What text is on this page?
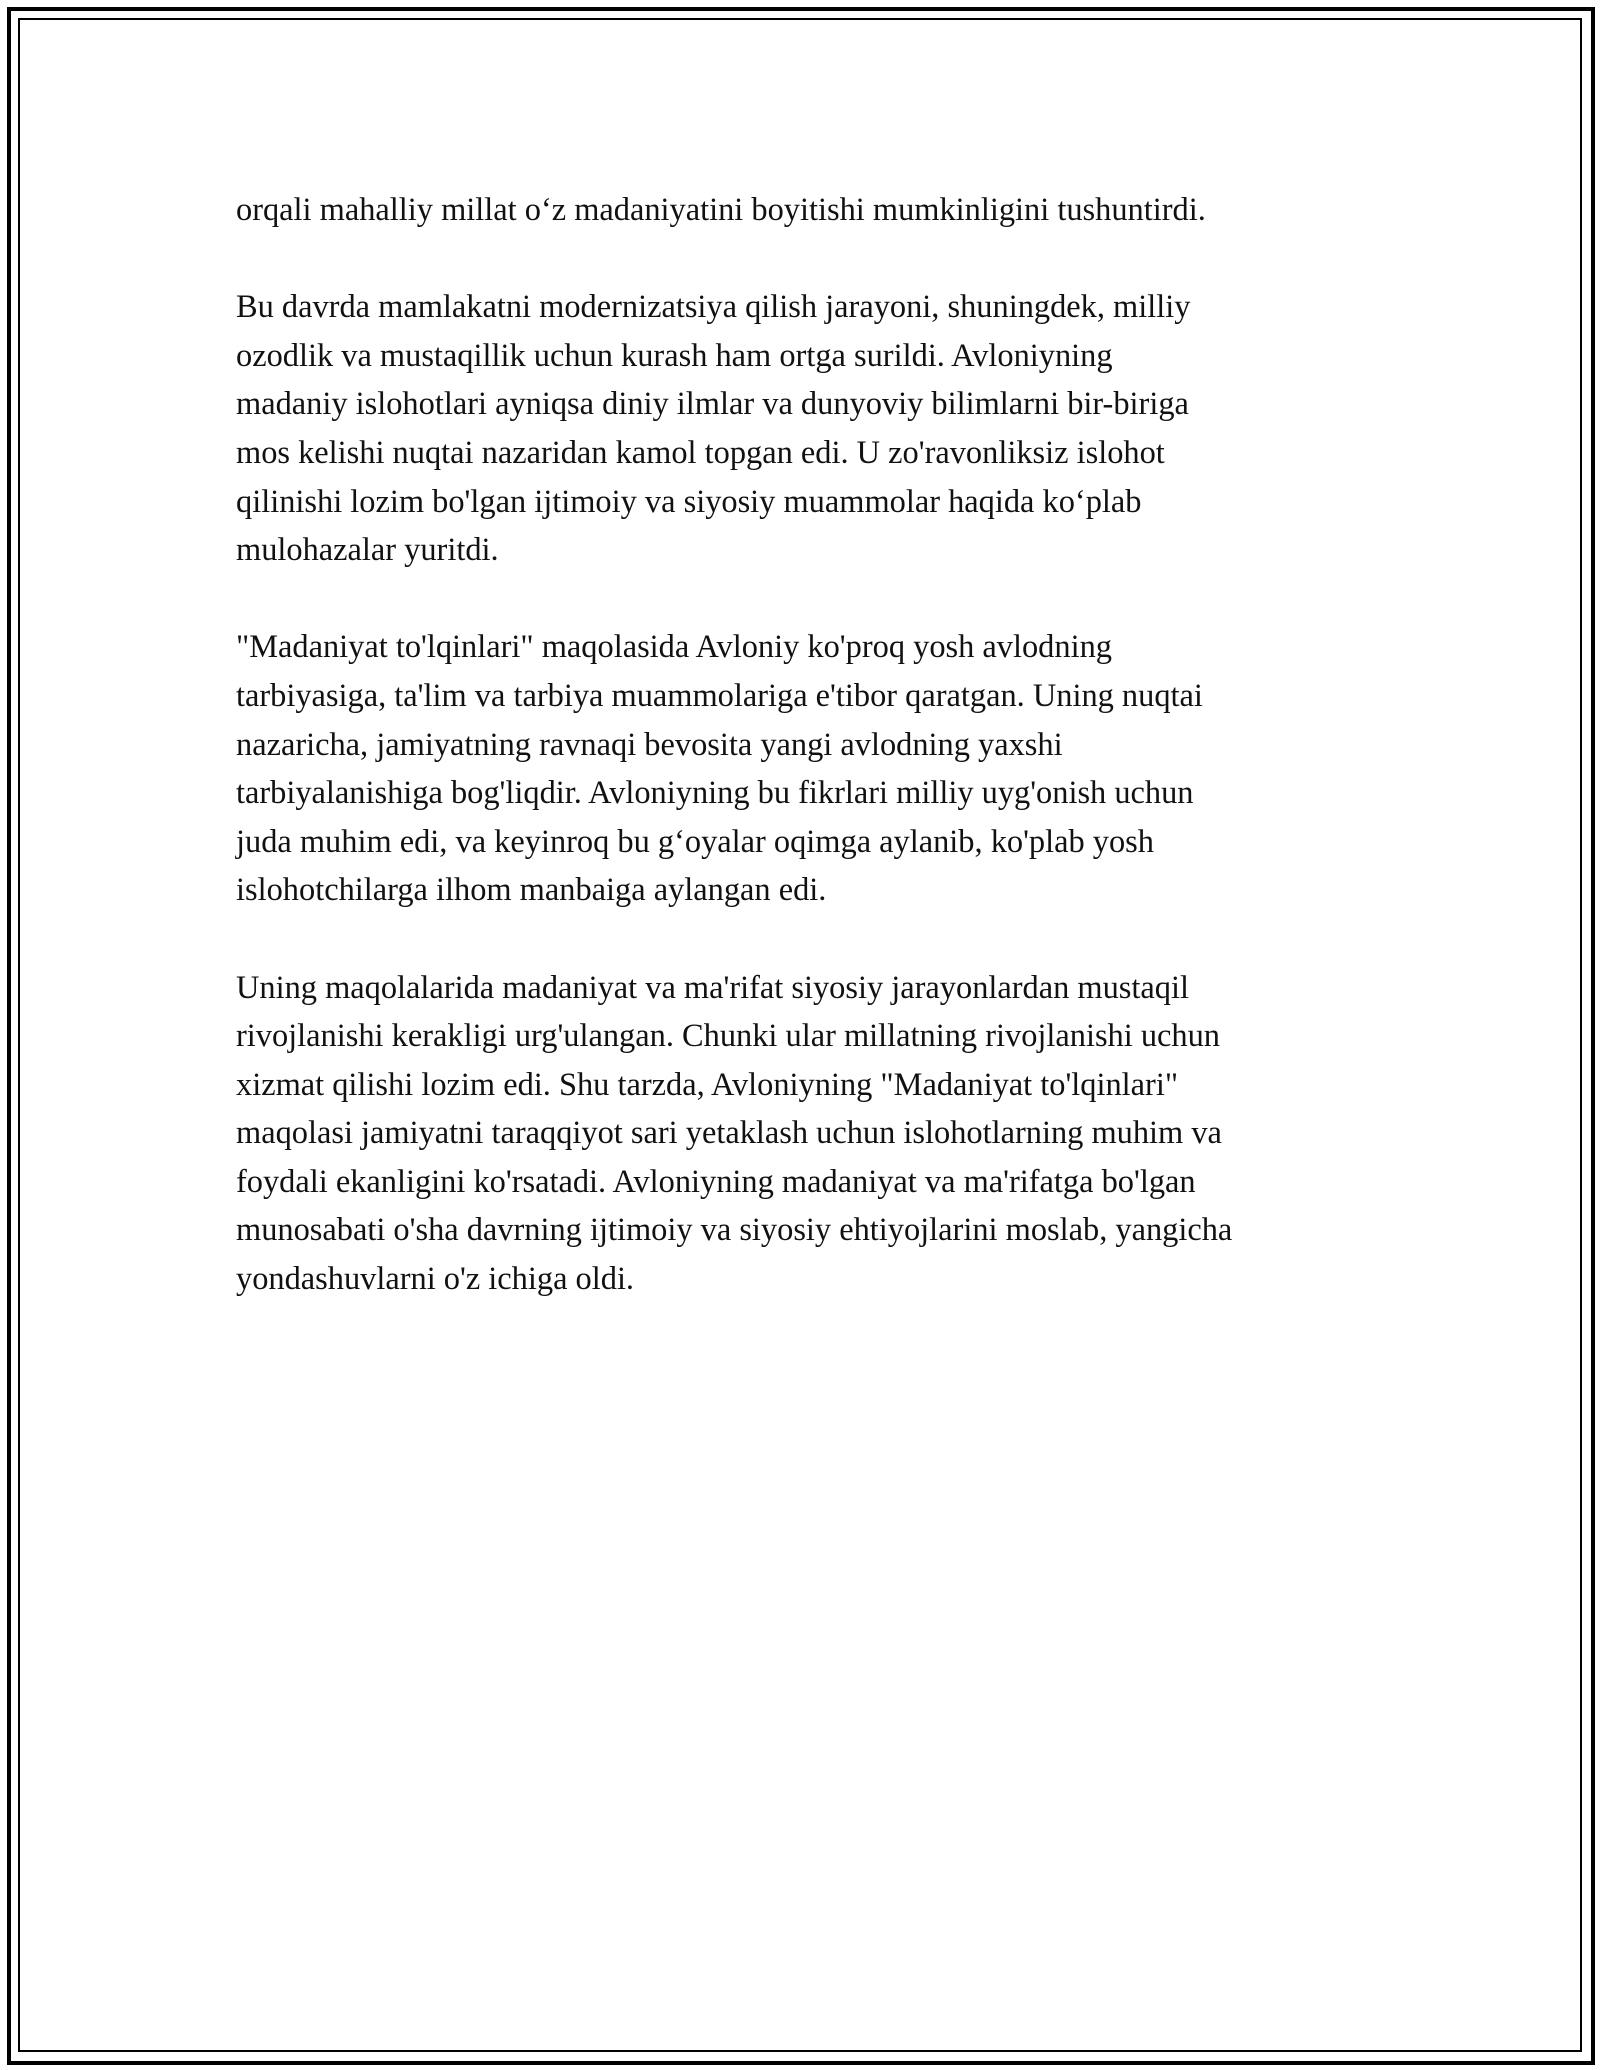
orqali mahalliy millat o‘z madaniyatini boyitishi mumkinligini tushuntirdi.

Bu davrda mamlakatni modernizatsiya qilish jarayoni, shuningdek, milliy
ozodlik va mustaqillik uchun kurash ham ortga surildi. Avloniyning
madaniy islohotlari ayniqsa diniy ilmlar va dunyoviy bilimlarni bir-biriga
mos kelishi nuqtai nazaridan kamol topgan edi. U zo'ravonliksiz islohot
qilinishi lozim bo'lgan ijtimoiy va siyosiy muammolar haqida ko‘plab
mulohazalar yuritdi.

"Madaniyat to'lqinlari" maqolasida Avloniy ko'proq yosh avlodning
tarbiyasiga, ta'lim va tarbiya muammolariga e'tibor qaratgan. Uning nuqtai
nazaricha, jamiyatning ravnaqi bevosita yangi avlodning yaxshi
tarbiyalanishiga bog'liqdir. Avloniyning bu fikrlari milliy uyg'onish uchun
juda muhim edi, va keyinroq bu g‘oyalar oqimga aylanib, ko'plab yosh
islohotchilarga ilhom manbaiga aylangan edi.

Uning maqolalarida madaniyat va ma'rifat siyosiy jarayonlardan mustaqil
rivojlanishi kerakligi urg'ulangan. Chunki ular millatning rivojlanishi uchun
xizmat qilishi lozim edi. Shu tarzda, Avloniyning "Madaniyat to'lqinlari"
maqolasi jamiyatni taraqqiyot sari yetaklash uchun islohotlarning muhim va
foydali ekanligini ko'rsatadi. Avloniyning madaniyat va ma'rifatga bo'lgan
munosabati o'sha davrning ijtimoiy va siyosiy ehtiyojlarini moslab, yangicha
yondashuvlarni o'z ichiga oldi.
